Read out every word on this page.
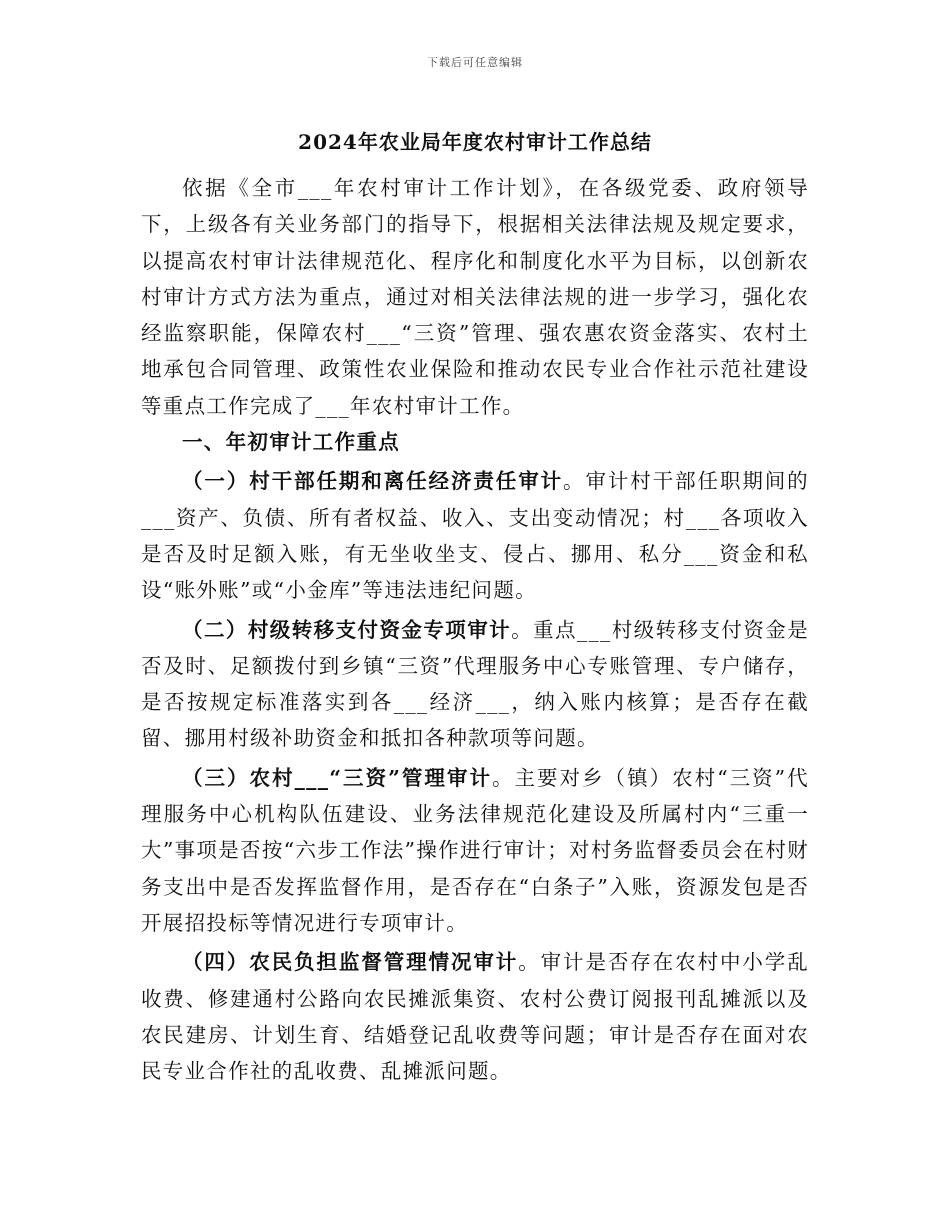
下载后可任意编辑
2024年农业局年度农村审计工作总结

依据《全市___年农村审计工作计划》，在各级党委、政府领导下，上级各有关业务部门的指导下，根据相关法律法规及规定要求，以提高农村审计法律规范化、程序化和制度化水平为目标，以创新农村审计方式方法为重点，通过对相关法律法规的进一步学习，强化农经监察职能，保障农村___“三资”管理、强农惠农资金落实、农村土地承包合同管理、政策性农业保险和推动农民专业合作社示范社建设等重点工作完成了___年农村审计工作。

一、年初审计工作重点

（一）村干部任期和离任经济责任审计。审计村干部任职期间的___资产、负债、所有者权益、收入、支出变动情况；村___各项收入是否及时足额入账，有无坐收坐支、侵占、挪用、私分___资金和私设“账外账”或“小金库”等违法违纪问题。

（二）村级转移支付资金专项审计。重点___村级转移支付资金是否及时、足额拨付到乡镇“三资”代理服务中心专账管理、专户储存，是否按规定标准落实到各___经济___，纳入账内核算；是否存在截留、挪用村级补助资金和抵扣各种款项等问题。

（三）农村___“三资”管理审计。主要对乡（镇）农村“三资”代理服务中心机构队伍建设、业务法律规范化建设及所属村内“三重一大”事项是否按“六步工作法”操作进行审计；对村务监督委员会在村财务支出中是否发挥监督作用，是否存在“白条子”入账，资源发包是否开展招投标等情况进行专项审计。

（四）农民负担监督管理情况审计。审计是否存在农村中小学乱收费、修建通村公路向农民摊派集资、农村公费订阅报刊乱摊派以及农民建房、计划生育、结婚登记乱收费等问题；审计是否存在面对农民专业合作社的乱收费、乱摊派问题。
